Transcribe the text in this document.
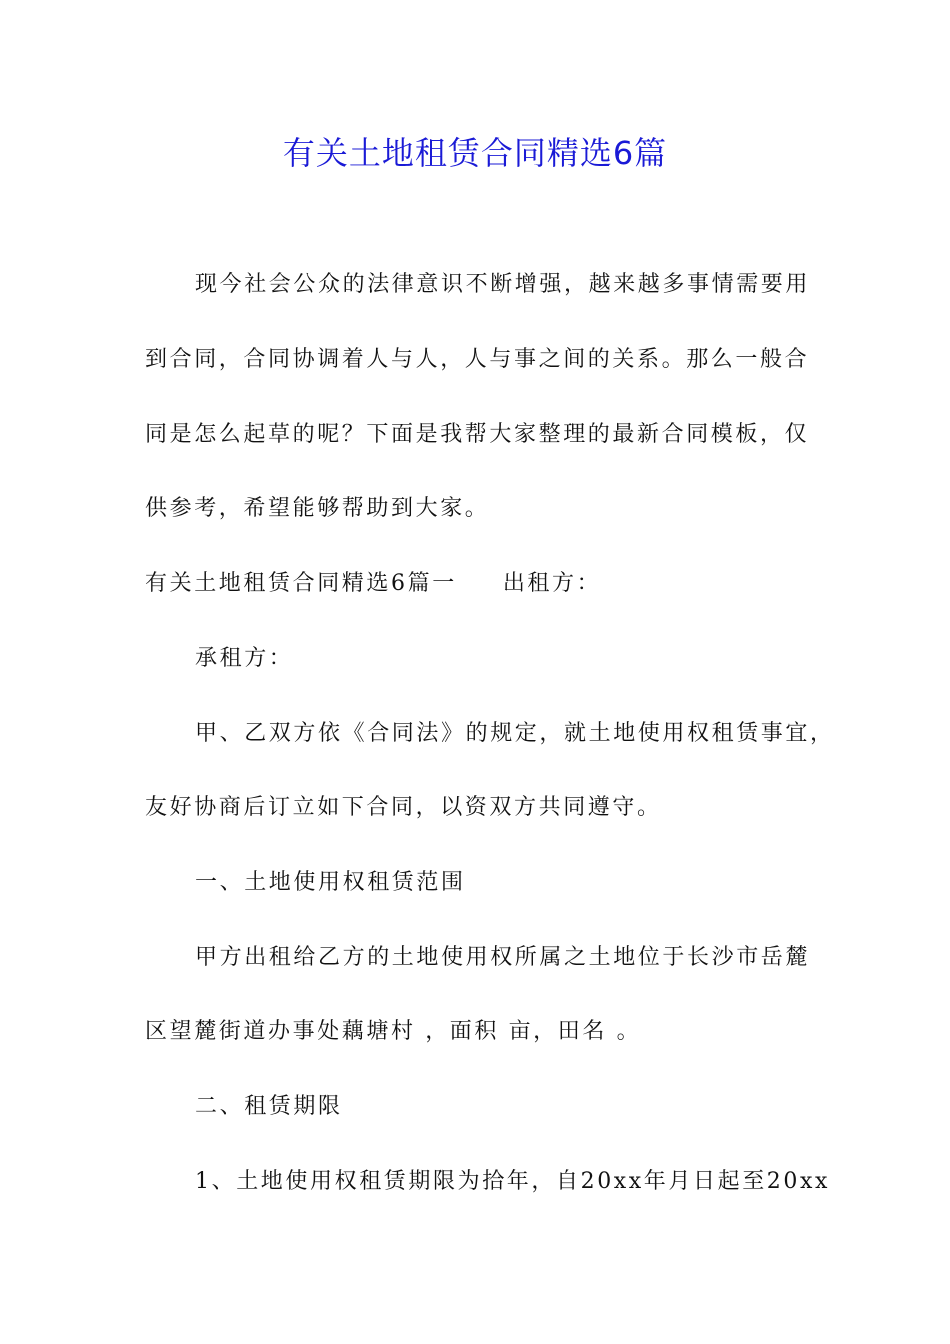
有关土地租赁合同精选6篇

现今社会公众的法律意识不断增强，越来越多事情需要用

到合同，合同协调着人与人，人与事之间的关系。那么一般合

同是怎么起草的呢？下面是我帮大家整理的最新合同模板，仅

供参考，希望能够帮助到大家。

有关土地租赁合同精选6篇一 出租方：

承租方：

甲、乙双方依《合同法》的规定，就土地使用权租赁事宜，

友好协商后订立如下合同，以资双方共同遵守。

一、土地使用权租赁范围

甲方出租给乙方的土地使用权所属之土地位于长沙市岳麓

区望麓街道办事处藕塘村 ，面积 亩，田名 。

二、租赁期限

1、土地使用权租赁期限为拾年，自20xx年月日起至20xx
